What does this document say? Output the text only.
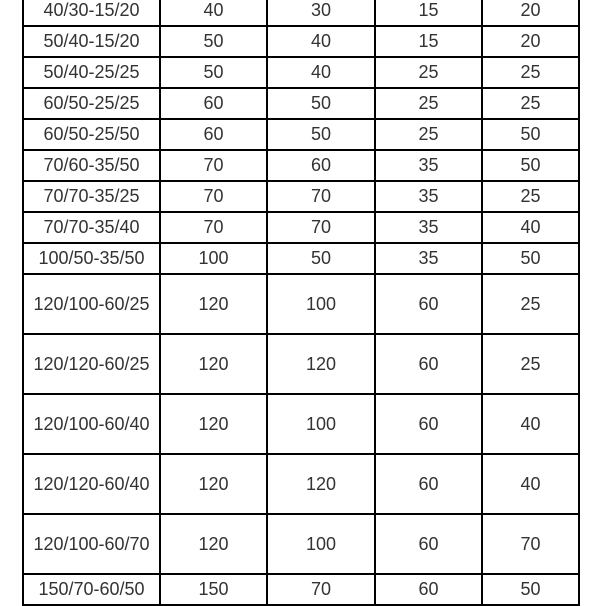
40/30-15/20	40	30	15	20
50/40-15/20	50	40	15	20
50/40-25/25	50	40	25	25
60/50-25/25	60	50	25	25
60/50-25/50	60	50	25	50
70/60-35/50	70	60	35	50
70/70-35/25	70	70	35	25
70/70-35/40	70	70	35	40
100/50-35/50	100	50	35	50
120/100-60/25	120	100	60	25
120/120-60/25	120	120	60	25
120/100-60/40	120	100	60	40
120/120-60/40	120	120	60	40
120/100-60/70	120	100	60	70
150/70-60/50	150	70	60	50
